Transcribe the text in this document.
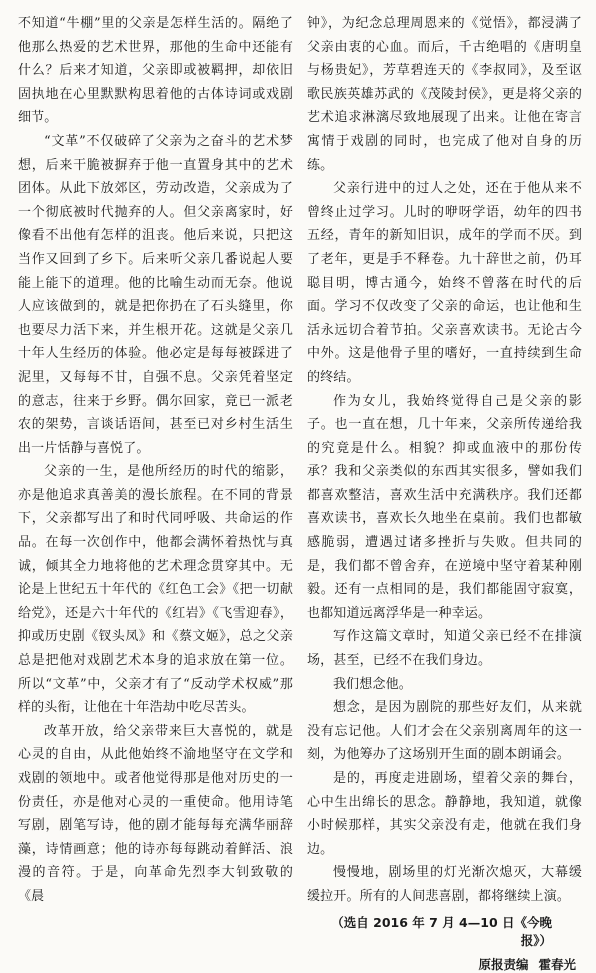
不知道“牛棚”里的父亲是怎样生活的。隔绝了他那么热爱的艺术世界，那他的生命中还能有什么？后来才知道，父亲即或被羁押，却依旧固执地在心里默默构思着他的古体诗词或戏剧细节。

“文革”不仅破碎了父亲为之奋斗的艺术梦想，后来干脆被摒弃于他一直置身其中的艺术团体。从此下放郊区，劳动改造，父亲成为了一个彻底被时代抛弃的人。但父亲离家时，好像看不出他有怎样的沮丧。他后来说，只把这当作又回到了乡下。后来听父亲几番说起人要能上能下的道理。他的比喻生动而无奈。他说人应该做到的，就是把你扔在了石头缝里，你也要尽力活下来，并生根开花。这就是父亲几十年人生经历的体验。他必定是每每被踩进了泥里，又每每不甘，自强不息。父亲凭着坚定的意志，往来于乡野。偶尔回家，竟已一派老农的架势，言谈话语间，甚至已对乡村生活生出一片恬静与喜悦了。

父亲的一生，是他所经历的时代的缩影，亦是他追求真善美的漫长旅程。在不同的背景下，父亲都写出了和时代同呼吸、共命运的作品。在每一次创作中，他都会满怀着热忱与真诚，倾其全力地将他的艺术理念贯穿其中。无论是上世纪五十年代的《红色工会》《把一切献给党》，还是六十年代的《红岩》《飞雪迎春》，抑或历史剧《钗头凤》和《蔡文姬》，总之父亲总是把他对戏剧艺术本身的追求放在第一位。所以“文革”中，父亲才有了“反动学术权威”那样的头衔，让他在十年浩劫中吃尽苦头。

改革开放，给父亲带来巨大喜悦的，就是心灵的自由，从此他始终不渝地坚守在文学和戏剧的领地中。或者他觉得那是他对历史的一份责任，亦是他对心灵的一重使命。他用诗笔写剧，剧笔写诗，他的剧才能每每充满华丽辞藻，诗情画意；他的诗亦每每跳动着鲜活、浪漫的音符。于是，向革命先烈李大钊致敬的《晨

钟》，为纪念总理周恩来的《觉悟》，都浸满了父亲由衷的心血。而后，千古绝唱的《唐明皇与杨贵妃》，芳草碧连天的《李叔同》，及至讴歌民族英雄苏武的《茂陵封侯》，更是将父亲的艺术追求淋漓尽致地展现了出来。让他在寄言寓情于戏剧的同时，也完成了他对自身的历练。

父亲行进中的过人之处，还在于他从来不曾终止过学习。儿时的咿呀学语，幼年的四书五经，青年的新知旧识，成年的学而不厌。到了老年，更是手不释卷。九十辞世之前，仍耳聪目明，博古通今，始终不曾落在时代的后面。学习不仅改变了父亲的命运，也让他和生活永远切合着节拍。父亲喜欢读书。无论古今中外。这是他骨子里的嗜好，一直持续到生命的终结。

作为女儿，我始终觉得自己是父亲的影子。也一直在想，几十年来，父亲所传递给我的究竟是什么。相貌？抑或血液中的那份传承？我和父亲类似的东西其实很多，譬如我们都喜欢整洁，喜欢生活中充满秩序。我们还都喜欢读书，喜欢长久地坐在桌前。我们也都敏感脆弱，遭遇过诸多挫折与失败。但共同的是，我们都不曾舍弃，在逆境中坚守着某种刚毅。还有一点相同的是，我们都能固守寂寞，也都知道远离浮华是一种幸运。

写作这篇文章时，知道父亲已经不在排演场，甚至，已经不在我们身边。

我们想念他。

想念，是因为剧院的那些好友们，从来就没有忘记他。人们才会在父亲别离周年的这一刻，为他筹办了这场别开生面的剧本朗诵会。

是的，再度走进剧场，望着父亲的舞台，心中生出绵长的思念。静静地，我知道，就像小时候那样，其实父亲没有走，他就在我们身边。

慢慢地，剧场里的灯光渐次熄灭，大幕缓缓拉开。所有的人间悲喜剧，都将继续上演。

（选自 2016 年 7 月 4—10 日《今晚报》）

原报责编 霍春光
